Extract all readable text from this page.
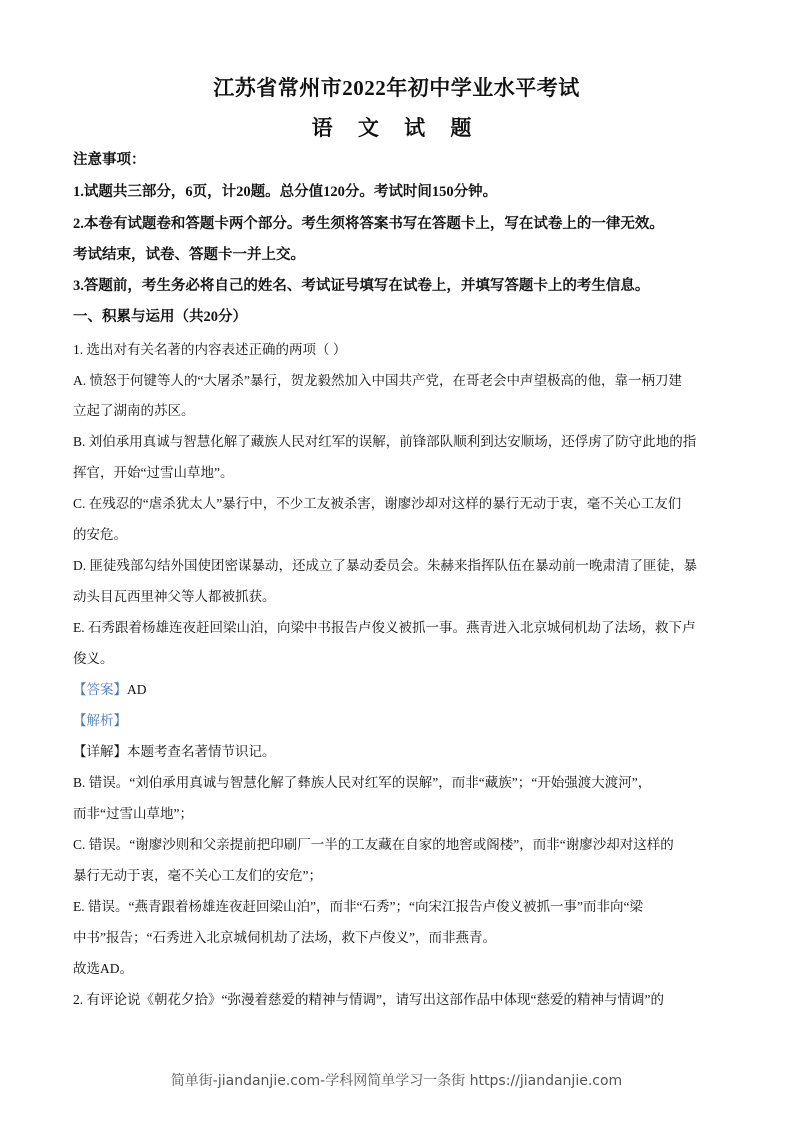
江苏省常州市2022年初中学业水平考试
语 文 试 题
注意事项：
1.试题共三部分，6页，计20题。总分值120分。考试时间150分钟。
2.本卷有试题卷和答题卡两个部分。考生须将答案书写在答题卡上，写在试卷上的一律无效。
考试结束，试卷、答题卡一并上交。
3.答题前，考生务必将自己的姓名、考试证号填写在试卷上，并填写答题卡上的考生信息。
一、积累与运用（共20分）
1. 选出对有关名著的内容表述正确的两项（ ）
A. 愤怒于何键等人的“大屠杀”暴行，贺龙毅然加入中国共产党，在哥老会中声望极高的他，靠一柄刀建
立起了湖南的苏区。
B. 刘伯承用真诚与智慧化解了藏族人民对红军的误解，前锋部队顺利到达安顺场，还俘虏了防守此地的指
挥官，开始“过雪山草地”。
C. 在残忍的“虐杀犹太人”暴行中，不少工友被杀害，谢廖沙却对这样的暴行无动于衷，毫不关心工友们
的安危。
D. 匪徒残部勾结外国使团密谋暴动，还成立了暴动委员会。朱赫来指挥队伍在暴动前一晚肃清了匪徒，暴
动头目瓦西里神父等人都被抓获。
E. 石秀跟着杨雄连夜赶回梁山泊，向梁中书报告卢俊义被抓一事。燕青进入北京城伺机劫了法场，救下卢
俊义。
【答案】AD
【解析】
【详解】本题考查名著情节识记。
B. 错误。“刘伯承用真诚与智慧化解了彝族人民对红军的误解”，而非“藏族”；“开始强渡大渡河”，
而非“过雪山草地”；
C. 错误。“谢廖沙则和父亲提前把印刷厂一半的工友藏在自家的地窖或阁楼”，而非“谢廖沙却对这样的
暴行无动于衷，毫不关心工友们的安危”；
E. 错误。“燕青跟着杨雄连夜赶回梁山泊”，而非“石秀”；“向宋江报告卢俊义被抓一事”而非向“梁
中书”报告；“石秀进入北京城伺机劫了法场，救下卢俊义”，而非燕青。
故选AD。
2. 有评论说《朝花夕拾》“弥漫着慈爱的精神与情调”，请写出这部作品中体现“慈爱的精神与情调”的
简单街-jiandanjie.com-学科网简单学习一条街 https://jiandanjie.com
